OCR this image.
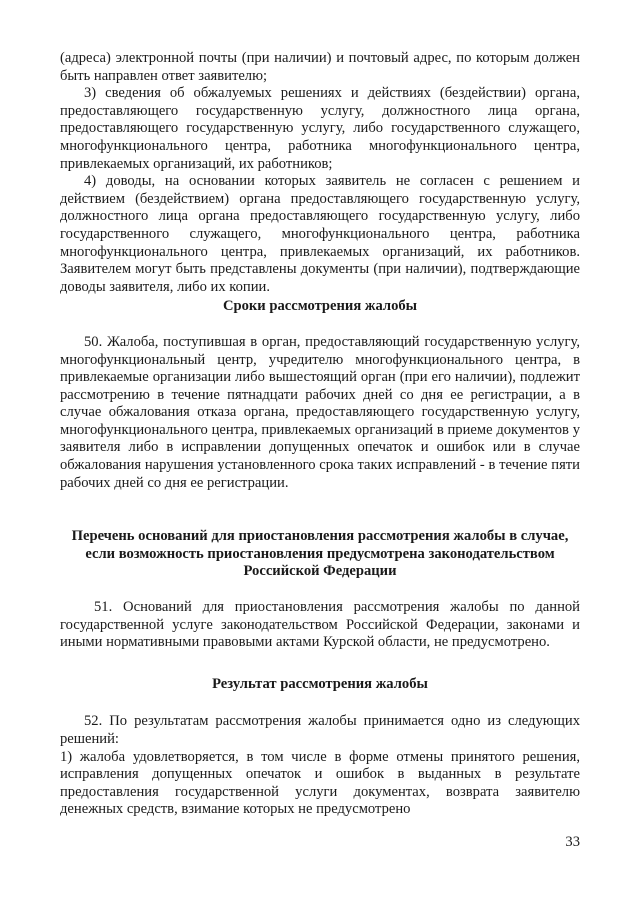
(адреса) электронной почты (при наличии) и почтовый адрес, по которым должен быть направлен ответ заявителю;

3) сведения об обжалуемых решениях и действиях (бездействии) органа, предоставляющего государственную услугу, должностного лица органа, предоставляющего государственную услугу, либо государственного служащего, многофункционального центра, работника многофункционального центра, привлекаемых организаций, их работников;

4) доводы, на основании которых заявитель не согласен с решением и действием (бездействием) органа предоставляющего государственную услугу, должностного лица органа предоставляющего государственную услугу, либо государственного служащего, многофункционального центра, работника многофункционального центра, привлекаемых организаций, их работников. Заявителем могут быть представлены документы (при наличии), подтверждающие доводы заявителя, либо их копии.

Сроки рассмотрения жалобы

50. Жалоба, поступившая в орган, предоставляющий государственную услугу, многофункциональный центр, учредителю многофункционального центра, в привлекаемые организации либо вышестоящий орган (при его наличии), подлежит рассмотрению в течение пятнадцати рабочих дней со дня ее регистрации, а в случае обжалования отказа органа, предоставляющего государственную услугу, многофункционального центра, привлекаемых организаций в приеме документов у заявителя либо в исправлении допущенных опечаток и ошибок или в случае обжалования нарушения установленного срока таких исправлений - в течение пяти рабочих дней со дня ее регистрации.

Перечень оснований для приостановления рассмотрения жалобы в случае, если возможность приостановления предусмотрена законодательством Российской Федерации

51. Оснований для приостановления рассмотрения жалобы по данной государственной услуге законодательством Российской Федерации, законами и иными нормативными правовыми актами Курской области, не предусмотрено.

Результат рассмотрения жалобы

52. По результатам рассмотрения жалобы принимается одно из следующих решений:

1) жалоба удовлетворяется, в том числе в форме отмены принятого решения, исправления допущенных опечаток и ошибок в выданных в результате предоставления государственной услуги документах, возврата заявителю денежных средств, взимание которых не предусмотрено

33
